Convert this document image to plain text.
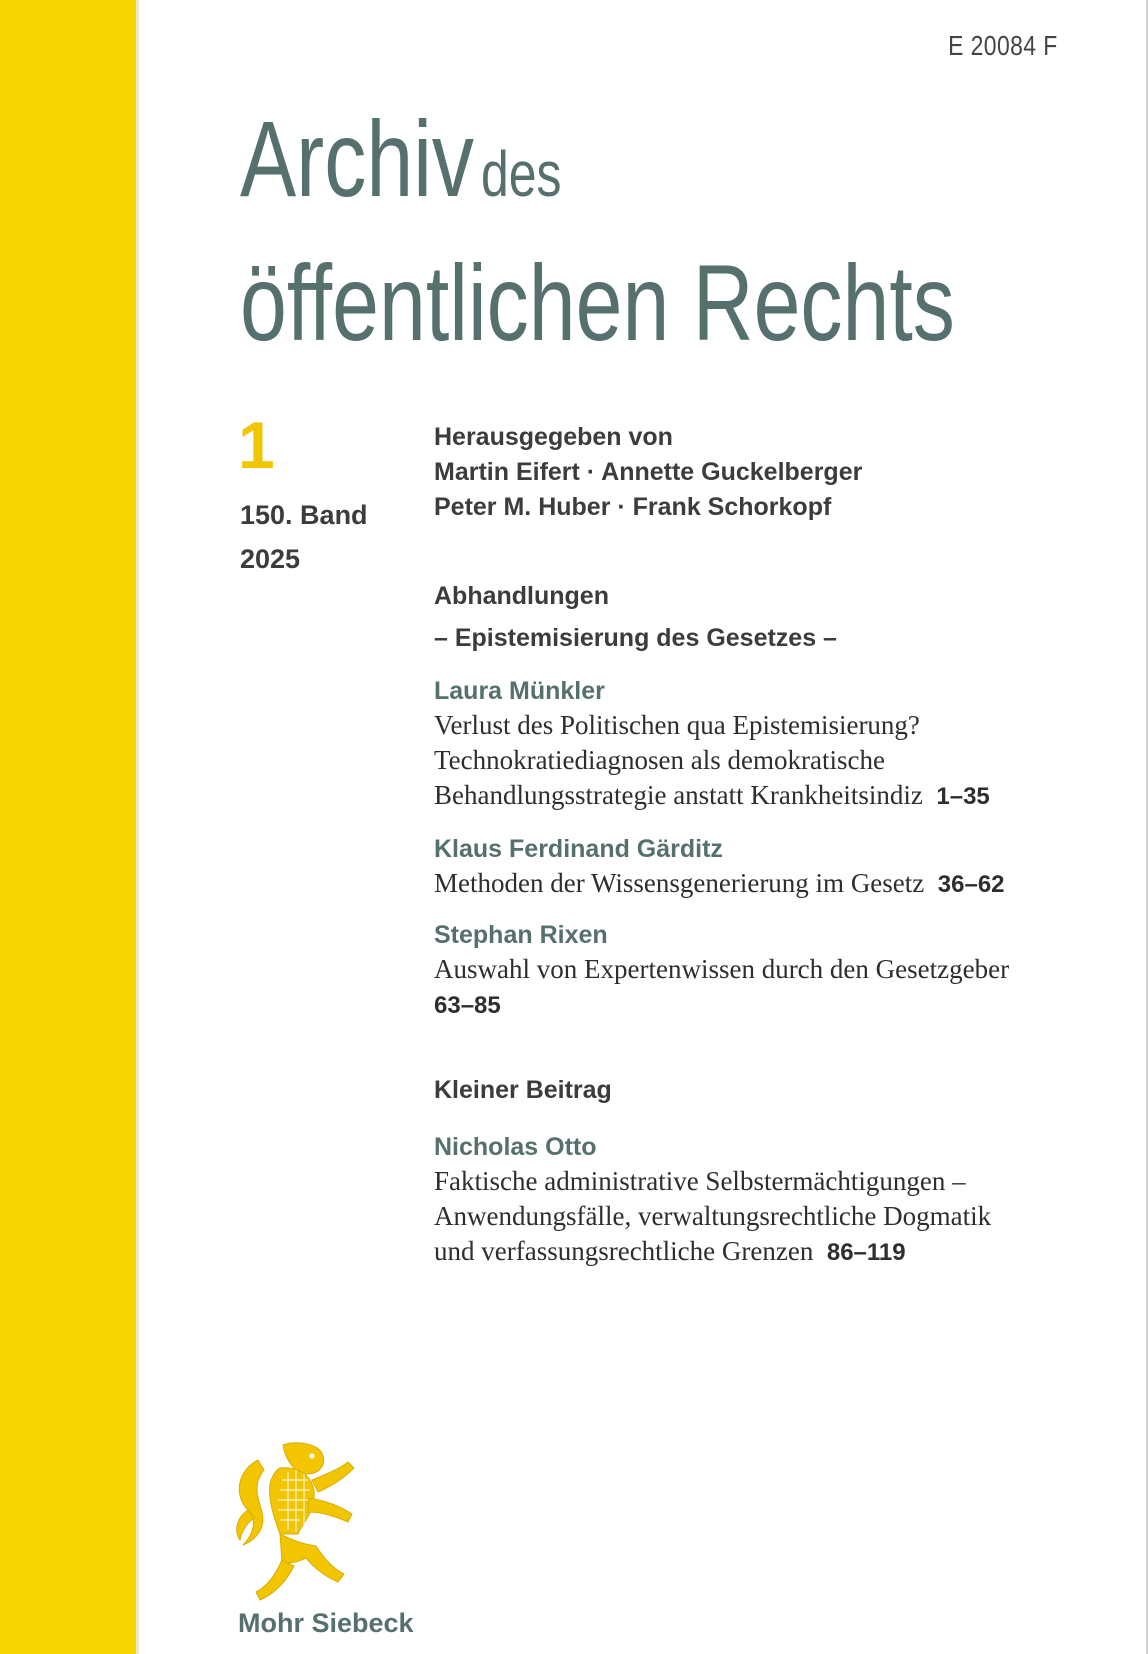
E 20084 F
Archiv des
öffentlichen Rechts
1
150. Band
2025
Herausgegeben von
Martin Eifert · Annette Guckelberger
Peter M. Huber · Frank Schorkopf
Abhandlungen
– Epistemisierung des Gesetzes –
Laura Münkler
Verlust des Politischen qua Epistemisierung?
Technokratiediagnosen als demokratische
Behandlungsstrategie anstatt Krankheitsindiz 1–35
Klaus Ferdinand Gärditz
Methoden der Wissensgenerierung im Gesetz 36–62
Stephan Rixen
Auswahl von Expertenwissen durch den Gesetzgeber
63–85
Kleiner Beitrag
Nicholas Otto
Faktische administrative Selbstermächtigungen –
Anwendungsfälle, verwaltungsrechtliche Dogmatik
und verfassungsrechtliche Grenzen 86–119
Mohr Siebeck
